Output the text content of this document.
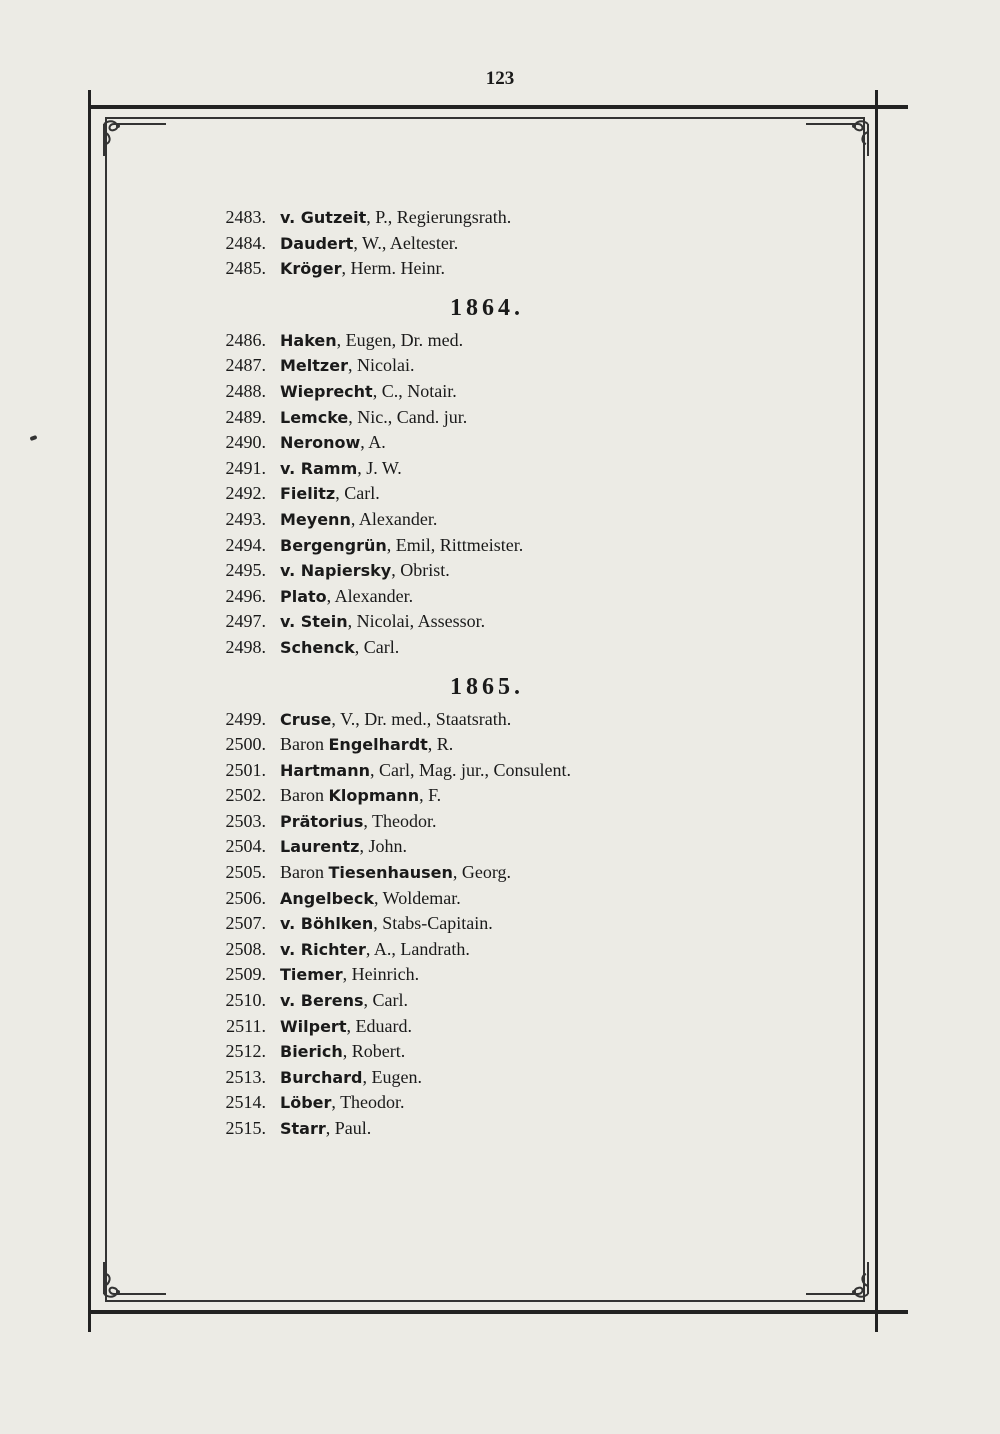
123
2483. v. Gutzeit , P., Regierungsrath.
2484. Daudert , W., Aeltester.
2485. Kröger , Herm. Heinr.
1864.
2486. Haken , Eugen, Dr. med.
2487. Meltzer , Nicolai.
2488. Wieprecht , C., Notair.
2489. Lemcke , Nic., Cand. jur.
2490. Neronow , A.
2491. v. Ramm , J. W.
2492. Fielitz , Carl.
2493. Meyenn , Alexander.
2494. Bergengrün , Emil, Rittmeister.
2495. v. Napiersky , Obrist.
2496. Plato , Alexander.
2497. v. Stein , Nicolai, Assessor.
2498. Schenck , Carl.
1865.
2499. Cruse , V., Dr. med., Staatsrath.
2500. Baron Engelhardt , R.
2501. Hartmann , Carl, Mag. jur., Consulent.
2502. Baron Klopmann , F.
2503. Prätorius , Theodor.
2504. Laurentz , John.
2505. Baron Tiesenhausen , Georg.
2506. Angelbeck , Woldemar.
2507. v. Böhlken , Stabs-Capitain.
2508. v. Richter , A., Landrath.
2509. Tiemer , Heinrich.
2510. v. Berens , Carl.
2511. Wilpert , Eduard.
2512. Bierich , Robert.
2513. Burchard , Eugen.
2514. Löber , Theodor.
2515. Starr , Paul.
